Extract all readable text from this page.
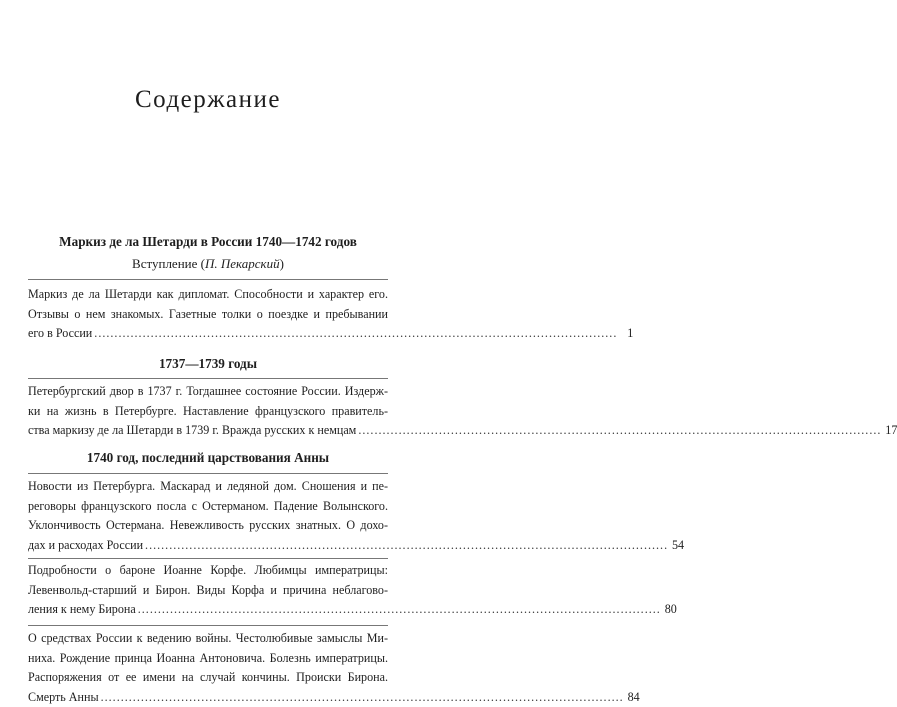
Содержание
Маркиз де ла Шетарди в России 1740—1742 годов
Вступление (П. Пекарский)
Маркиз де ла Шетарди как дипломат. Способности и характер его.
Отзывы о нем знакомых. Газетные толки о поездке и пребывании
его в России .................................................................................................................................. 1
1737—1739 годы
Петербургский двор в 1737 г. Тогдашнее состояние России. Издерж-
ки на жизнь в Петербурге. Наставление французского правитель-
ства маркизу де ла Шетарди в 1739 г. Вражда русских к немцам .................................................................................................................................. 17
1740 год, последний царствования Анны
Новости из Петербурга. Маскарад и ледяной дом. Сношения и пе-
реговоры французского посла с Остерманом. Падение Волынского.
Уклончивость Остермана. Невежливость русских знатных. О дохо-
дах и расходах России .................................................................................................................................. 54
Подробности о бароне Иоанне Корфе. Любимцы императрицы:
Левенвольд-старший и Бирон. Виды Корфа и причина неблагово-
ления к нему Бирона .................................................................................................................................. 80
О средствах России к ведению войны. Честолюбивые замыслы Ми-
ниха. Рождение принца Иоанна Антоновича. Болезнь императрицы.
Распоряжения от ее имени на случай кончины. Происки Бирона.
Смерть Анны .................................................................................................................................. 84
